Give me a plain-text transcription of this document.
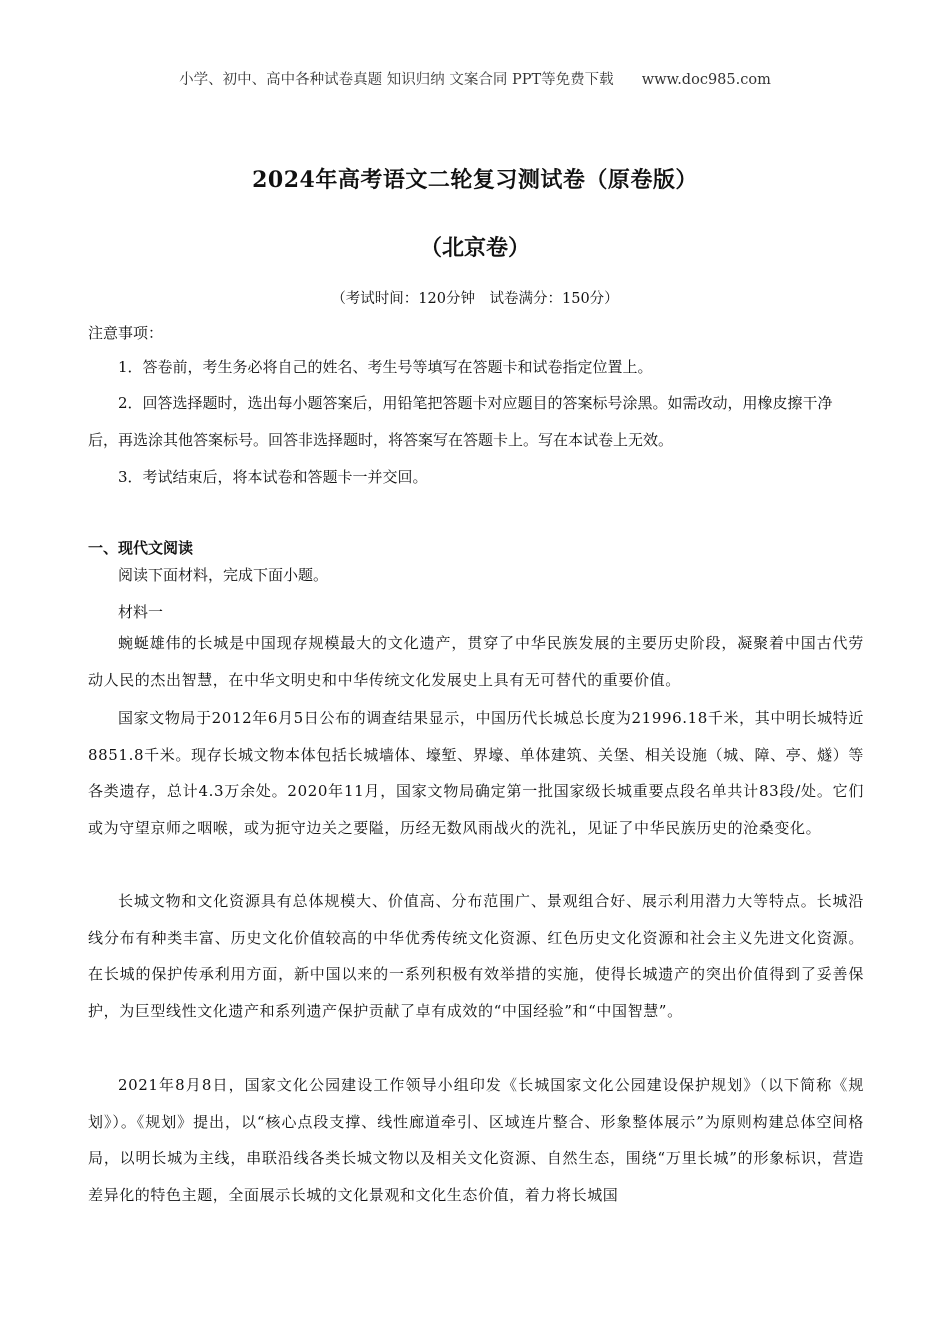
小学、初中、高中各种试卷真题 知识归纳 文案合同 PPT等免费下载 www.doc985.com
2024年高考语文二轮复习测试卷（原卷版）
（北京卷）
（考试时间：120分钟　试卷满分：150分）
注意事项：
1．答卷前，考生务必将自己的姓名、考生号等填写在答题卡和试卷指定位置上。
2．回答选择题时，选出每小题答案后，用铅笔把答题卡对应题目的答案标号涂黑。如需改动，用橡皮擦干净后，再选涂其他答案标号。回答非选择题时，将答案写在答题卡上。写在本试卷上无效。
3．考试结束后，将本试卷和答题卡一并交回。
一、现代文阅读
阅读下面材料，完成下面小题。
材料一
蜿蜒雄伟的长城是中国现存规模最大的文化遗产，贯穿了中华民族发展的主要历史阶段，凝聚着中国古代劳动人民的杰出智慧，在中华文明史和中华传统文化发展史上具有无可替代的重要价值。
国家文物局于2012年6月5日公布的调查结果显示，中国历代长城总长度为21996.18千米，其中明长城特近8851.8千米。现存长城文物本体包括长城墙体、壕堑、界壕、单体建筑、关堡、相关设施（城、障、亭、燧）等各类遗存，总计4.3万余处。2020年11月，国家文物局确定第一批国家级长城重要点段名单共计83段/处。它们或为守望京师之咽喉，或为扼守边关之要隘，历经无数风雨战火的洗礼，见证了中华民族历史的沧桑变化。
长城文物和文化资源具有总体规模大、价值高、分布范围广、景观组合好、展示利用潜力大等特点。长城沿线分布有种类丰富、历史文化价值较高的中华优秀传统文化资源、红色历史文化资源和社会主义先进文化资源。在长城的保护传承利用方面，新中国以来的一系列积极有效举措的实施，使得长城遗产的突出价值得到了妥善保护，为巨型线性文化遗产和系列遗产保护贡献了卓有成效的“中国经验”和“中国智慧”。
2021年8月8日，国家文化公园建设工作领导小组印发《长城国家文化公园建设保护规划》（以下简称《规划》）。《规划》提出，以“核心点段支撑、线性廊道牵引、区域连片整合、形象整体展示”为原则构建总体空间格局，以明长城为主线，串联沿线各类长城文物以及相关文化资源、自然生态，围绕“万里长城”的形象标识，营造差异化的特色主题，全面展示长城的文化景观和文化生态价值，着力将长城国
